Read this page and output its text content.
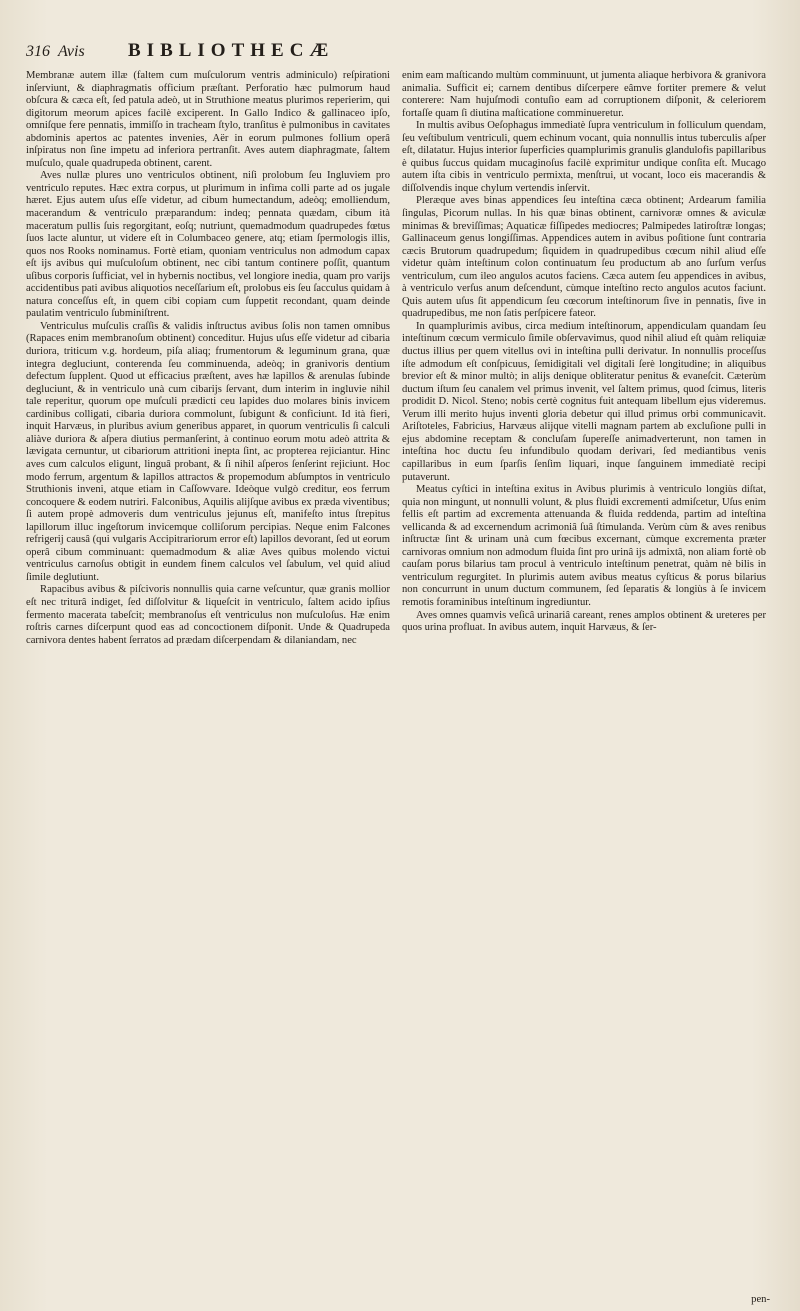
316 Avis	BIBLIOTHECÆ

Membranæ autem illæ (faltem cum muſculorum ventris adminiculo) reſpirationi inſerviunt, & diaphragmatis officium præſtant. Perforatio hæc pulmorum haud obſcura & cæca eſt, ſed patula adeò, ut in Struthione meatus plurimos reperierim, qui digitorum meorum apices facilè exciperent. In Gallo Indico & gallinaceo ipſo, omniſque fere pennatis, immiſſo in tracheam ſtylo, tranſitus è pulmonibus in cavitates abdominis apertos ac patentes invenies, Aër in eorum pulmones follium operâ inſpiratus non ſine impetu ad inferiora pertranſit. Aves autem diaphragmate, ſaltem muſculo, quale quadrupeda obtinent, carent.

Aves nullæ plures uno ventriculos obtinent, niſi prolobum ſeu Ingluviem pro ventriculo reputes. Hæc extra corpus, ut plurimum in infima colli parte ad os jugale hæret. Ejus autem uſus eſſe videtur, ad cibum humectandum, adeòq; emolliendum, macerandum & ventriculo præparandum: indeq; pennata quædam, cibum ità maceratum pullis ſuis regorgitant, eoſq; nutriunt, quemadmodum quadrupedes fœtus ſuos lacte aluntur, ut videre eſt in Columbaceo genere, atq; etiam ſpermologis illis, quos nos Rooks nominamus. Fortè etiam, quoniam ventriculus non admodum capax eſt ijs avibus qui muſculoſum obtinent, nec cibi tantum continere poſſit, quantum uſibus corporis ſufficiat, vel in hybernis noctibus, vel longiore inedia, quam pro varijs accidentibus pati avibus aliquotios neceſſarium eſt, prolobus eis ſeu ſacculus quidam à natura conceſſus eſt, in quem cibi copiam cum ſuppetit recondant, quam deinde paulatim ventriculo ſubminiſtrent.

Ventriculus muſculis craſſis & validis inſtructus avibus ſolis non tamen omnibus (Rapaces enim membranoſum obtinent) conceditur. Hujus uſus eſſe videtur ad cibaria duriora, triticum v.g. hordeum, piſa aliaq; frumentorum & leguminum grana, quæ integra degluciunt, conterenda ſeu comminuenda, adeòq; in granivoris dentium defectum ſupplent. Quod ut efficacius præſtent, aves hæ lapillos & arenulas ſubinde degluciunt, & in ventriculo unà cum cibarijs ſervant, dum interim in ingluvie nihil tale reperitur, quorum ope muſculi prædicti ceu lapides duo molares binis invicem cardinibus colligati, cibaria duriora commolunt, ſubigunt & conficiunt. Id ità fieri, inquit Harvæus, in pluribus avium generibus apparet, in quorum ventriculis ſi calculi aliàve duriora & aſpera diutius permanſerint, à continuo eorum motu adeò attrita & lævigata cernuntur, ut cibariorum attritioni inepta ſint, ac propterea rejiciantur. Hinc aves cum calculos eligunt, linguâ probant, & ſi nihil aſperos ſenſerint rejiciunt. Hoc modo ferrum, argentum & lapillos attractos & propemodum abſumptos in ventriculo Struthionis inveni, atque etiam in Caſſowvare. Ideòque vulgò creditur, eos ferrum concoquere & eodem nutriri. Falconibus, Aquilis alijſque avibus ex præda viventibus; ſi autem propè admoveris dum ventriculus jejunus eſt, manifeſto intus ſtrepitus lapillorum illuc ingeſtorum invicemque colliſorum percipias. Neque enim Falcones refrigerij causâ (qui vulgaris Accipitrariorum error eſt) lapillos devorant, ſed ut eorum operâ cibum comminuant: quemadmodum & aliæ Aves quibus molendo victui ventriculus carnoſus obtigit in eundem finem calculos vel ſabulum, vel quid aliud ſimile deglutiunt.

Rapacibus avibus & piſcivoris nonnullis quia carne veſcuntur, quæ granis mollior eſt nec triturâ indiget, ſed diſſolvitur & liqueſcit in ventriculo, ſaltem acido ipſius fermento macerata tabeſcit; membranoſus eſt ventriculus non muſculoſus. Hæ enim roſtris carnes diſcerpunt quod eas ad concoctionem diſponit. Unde & Quadrupeda carnivora dentes habent ſerratos ad prædam diſcerpendam & dilaniandam, nec

enim eam maſticando multùm comminuunt, ut jumenta aliaque herbivora & granivora animalia. Sufficit ei; carnem dentibus diſcerpere eâmve fortiter premere & velut conterere: Nam hujuſmodi contuſio eam ad corruptionem diſponit, & celeriorem fortaſſe quam ſi diutina maſticatione comminueretur.

In multis avibus Oeſophagus immediatè ſupra ventriculum in folliculum quendam, ſeu veſtibulum ventriculi, quem echinum vocant, quia nonnullis intus tuberculis aſper eſt, dilatatur. Hujus interior ſuperficies quamplurimis granulis glandulofis papillaribus è quibus ſuccus quidam mucaginoſus facilè exprimitur undique conſita eſt. Mucago autem iſta cibis in ventriculo permixta, menſtrui, ut vocant, loco eis macerandis & diſſolvendis inque chylum vertendis inſervit.

Pleræque aves binas appendices ſeu inteſtina cæca obtinent; Ardearum familia ſingulas, Picorum nullas. In his quæ binas obtinent, carnivoræ omnes & aviculæ minimas & breviſſimas; Aquaticæ fiſſipedes mediocres; Palmipedes latiroſtræ longas; Gallinaceum genus longiſſimas. Appendices autem in avibus poſitione ſunt contraria cæcis Brutorum quadrupedum; ſiquidem in quadrupedibus cœcum nihil aliud eſſe videtur quàm inteſtinum colon continuatum ſeu productum ab ano ſurſum verſus ventriculum, cum ileo angulos acutos faciens. Cæca autem ſeu appendices in avibus, à ventriculo verſus anum deſcendunt, cùmque inteſtino recto angulos acutos faciunt. Quis autem uſus ſit appendicum ſeu cœcorum inteſtinorum ſive in pennatis, ſive in quadrupedibus, me non ſatis perſpicere fateor.

In quamplurimis avibus, circa medium inteſtinorum, appendiculam quandam ſeu inteſtinum cœcum vermiculo ſimile obſervavimus, quod nihil aliud eſt quàm reliquiæ ductus illius per quem vitellus ovi in inteſtina pulli derivatur. In nonnullis proceſſus iſte admodum eſt conſpicuus, ſemidigitali vel digitali ſerè longitudine; in aliquibus brevior eſt & minor multò; in alijs denique obliteratur penitus & evaneſcit. Cæterùm ductum iſtum ſeu canalem vel primus invenit, vel ſaltem primus, quod ſcimus, literis prodidit D. Nicol. Steno; nobis certè cognitus fuit antequam libellum ejus videremus. Verum illi merito hujus inventi gloria debetur qui illud primus orbi communicavit. Ariſtoteles, Fabricius, Harvæus alijque vitelli magnam partem ab excluſione pulli in ejus abdomine receptam & concluſam ſupereſſe animadverterunt, non tamen in inteſtina hoc ductu ſeu infundibulo quodam derivari, ſed mediantibus venis capillaribus in eum ſparſis ſenſim liquari, inque ſanguinem immediatè recipi putaverunt.

Meatus cyſtici in inteſtina exitus in Avibus plurimis à ventriculo longiùs diſtat, quia non mingunt, ut nonnulli volunt, & plus fluidi excrementi admiſcetur, Uſus enim fellis eſt partim ad excrementa attenuanda & fluida reddenda, partim ad inteſtina vellicanda & ad excernendum acrimoniâ ſuâ ſtimulanda. Verùm cùm & aves renibus inſtructæ ſint & urinam unà cum fœcibus excernant, cùmque excrementa præter carnivoras omnium non admodum fluida ſint pro urinâ ijs admixtâ, non aliam fortè ob cauſam porus bilarius tam procul à ventriculo inteſtinum penetrat, quàm nè bilis in ventriculum regurgitet. In plurimis autem avibus meatus cyſticus & porus bilarius non concurrunt in unum ductum communem, ſed ſeparatis & longiùs à ſe invicem remotis foraminibus inteſtinum ingrediuntur.

Aves omnes quamvis veſicâ urinariâ careant, renes amplos obtinent & ureteres per quos urina profluat. In avibus autem, inquit Harvæus, & ſer-

pen-
